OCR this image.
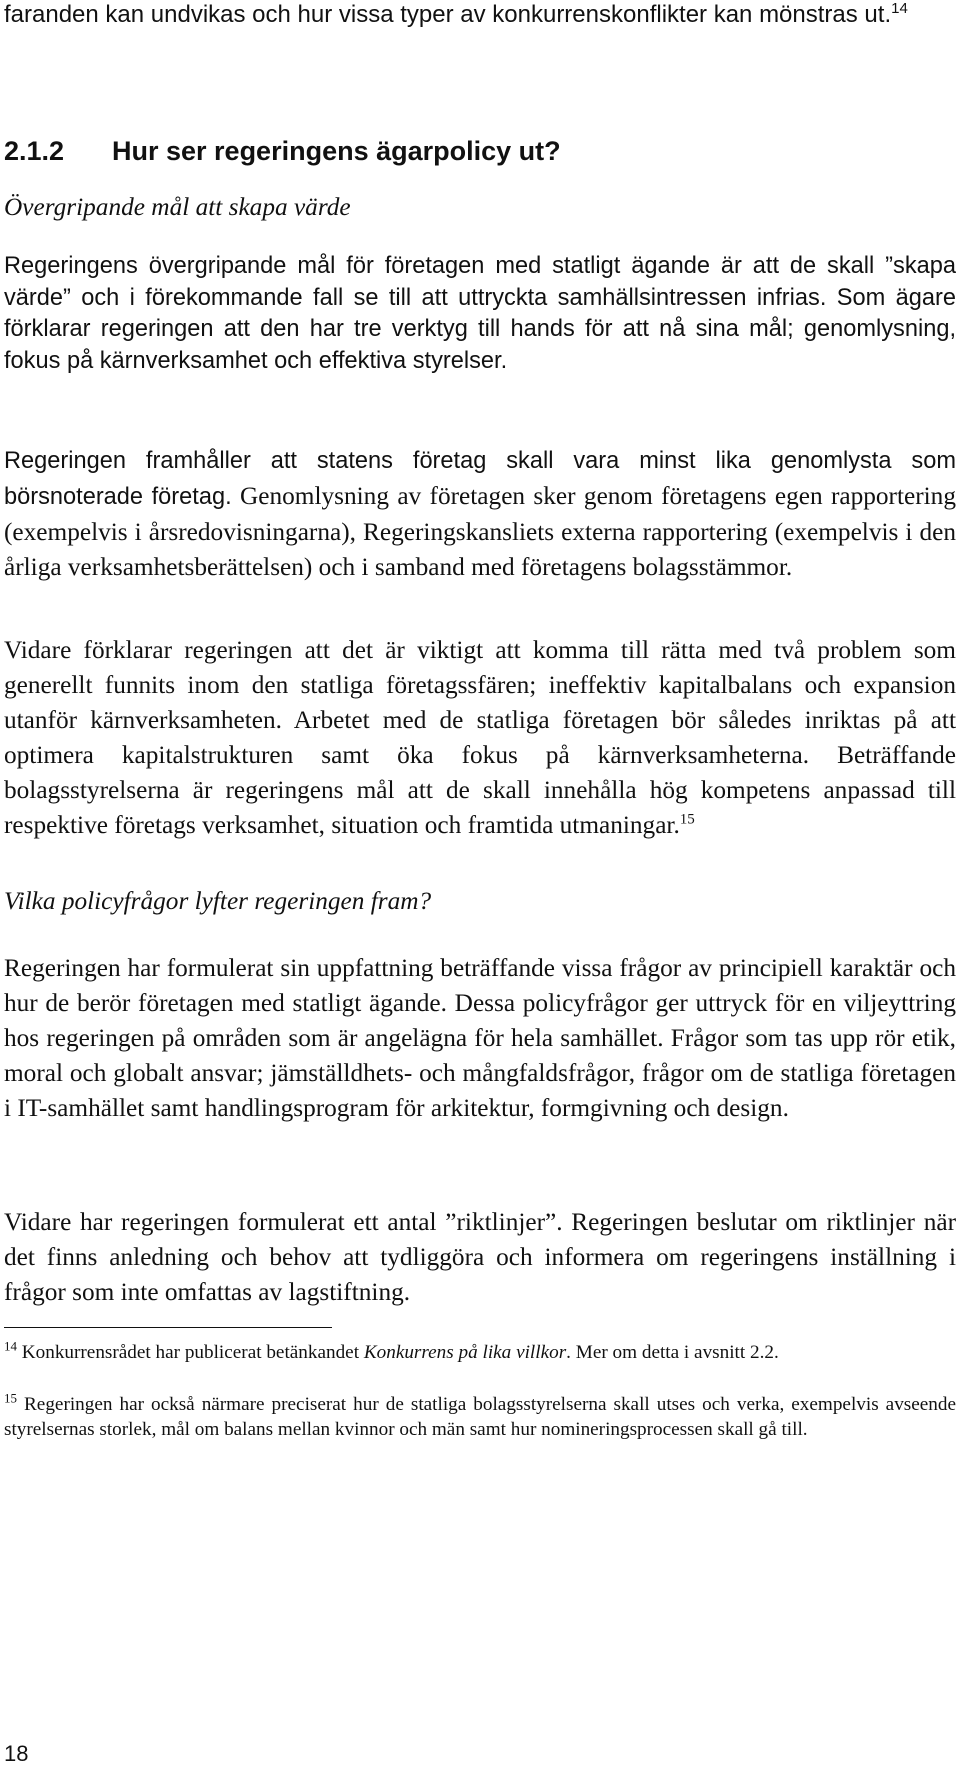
faranden kan undvikas och hur vissa typer av konkurrenskonflikter kan mönstras ut.$^{14}$

2.1.2 Hur ser regeringens ägarpolicy ut?

Övergripande mål att skapa värde

Regeringens övergripande mål för företagen med statligt ägande är att de skall ”skapa värde” och i förekommande fall se till att uttryckta samhällsintressen infrias. Som ägare förklarar regeringen att den har tre verktyg till hands för att nå sina mål; genomlysning, fokus på kärnverksamhet och effektiva styrelser.

Regeringen framhåller att statens företag skall vara minst lika genomlysta som börsnoterade företag. Genomlysning av företagen sker genom företagens egen rapportering (exempelvis i årsredovisningarna), Regeringskansliets externa rapportering (exempelvis i den årliga verksamhetsberättelsen) och i samband med företagens bolagsstämmor.

Vidare förklarar regeringen att det är viktigt att komma till rätta med två problem som generellt funnits inom den statliga företagssfären; ineffektiv kapitalbalans och expansion utanför kärnverksamheten. Arbetet med de statliga företagen bör således inriktas på att optimera kapitalstrukturen samt öka fokus på kärnverksamheterna. Beträffande bolagsstyrelserna är regeringens mål att de skall innehålla hög kompetens anpassad till respektive företags verksamhet, situation och framtida utmaningar.$^{15}$

Vilka policyfrågor lyfter regeringen fram?

Regeringen har formulerat sin uppfattning beträffande vissa frågor av principiell karaktär och hur de berör företagen med statligt ägande. Dessa policyfrågor ger uttryck för en viljeyttring hos regeringen på områden som är angelägna för hela samhället. Frågor som tas upp rör etik, moral och globalt ansvar; jämställdhets- och mångfaldsfrågor, frågor om de statliga företagen i IT-samhället samt handlingsprogram för arkitektur, formgivning och design.

Vidare har regeringen formulerat ett antal ”riktlinjer”. Regeringen beslutar om riktlinjer när det finns anledning och behov att tydliggöra och informera om regeringens inställning i frågor som inte omfattas av lagstiftning.

$^{14}$ Konkurrensrådet har publicerat betänkandet Konkurrens på lika villkor. Mer om detta i avsnitt 2.2.

$^{15}$ Regeringen har också närmare preciserat hur de statliga bolagsstyrelserna skall utses och verka, exempelvis avseende styrelsernas storlek, mål om balans mellan kvinnor och män samt hur nomineringsprocessen skall gå till.

18
